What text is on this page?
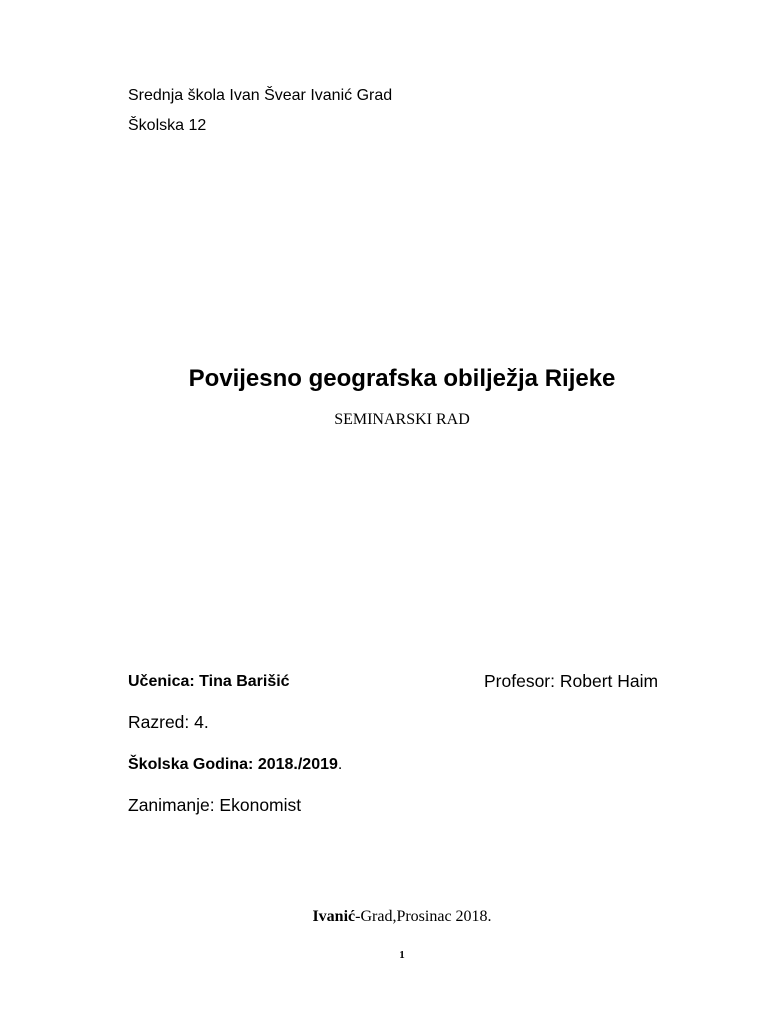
Srednja škola Ivan Švear Ivanić Grad
Školska 12
Povijesno geografska obilježja Rijeke
SEMINARSKI RAD
Učenica: Tina Barišić	Profesor: Robert Haim
Razred: 4.
Školska Godina: 2018./2019.
Zanimanje: Ekonomist
Ivanić-Grad,Prosinac 2018.
1
